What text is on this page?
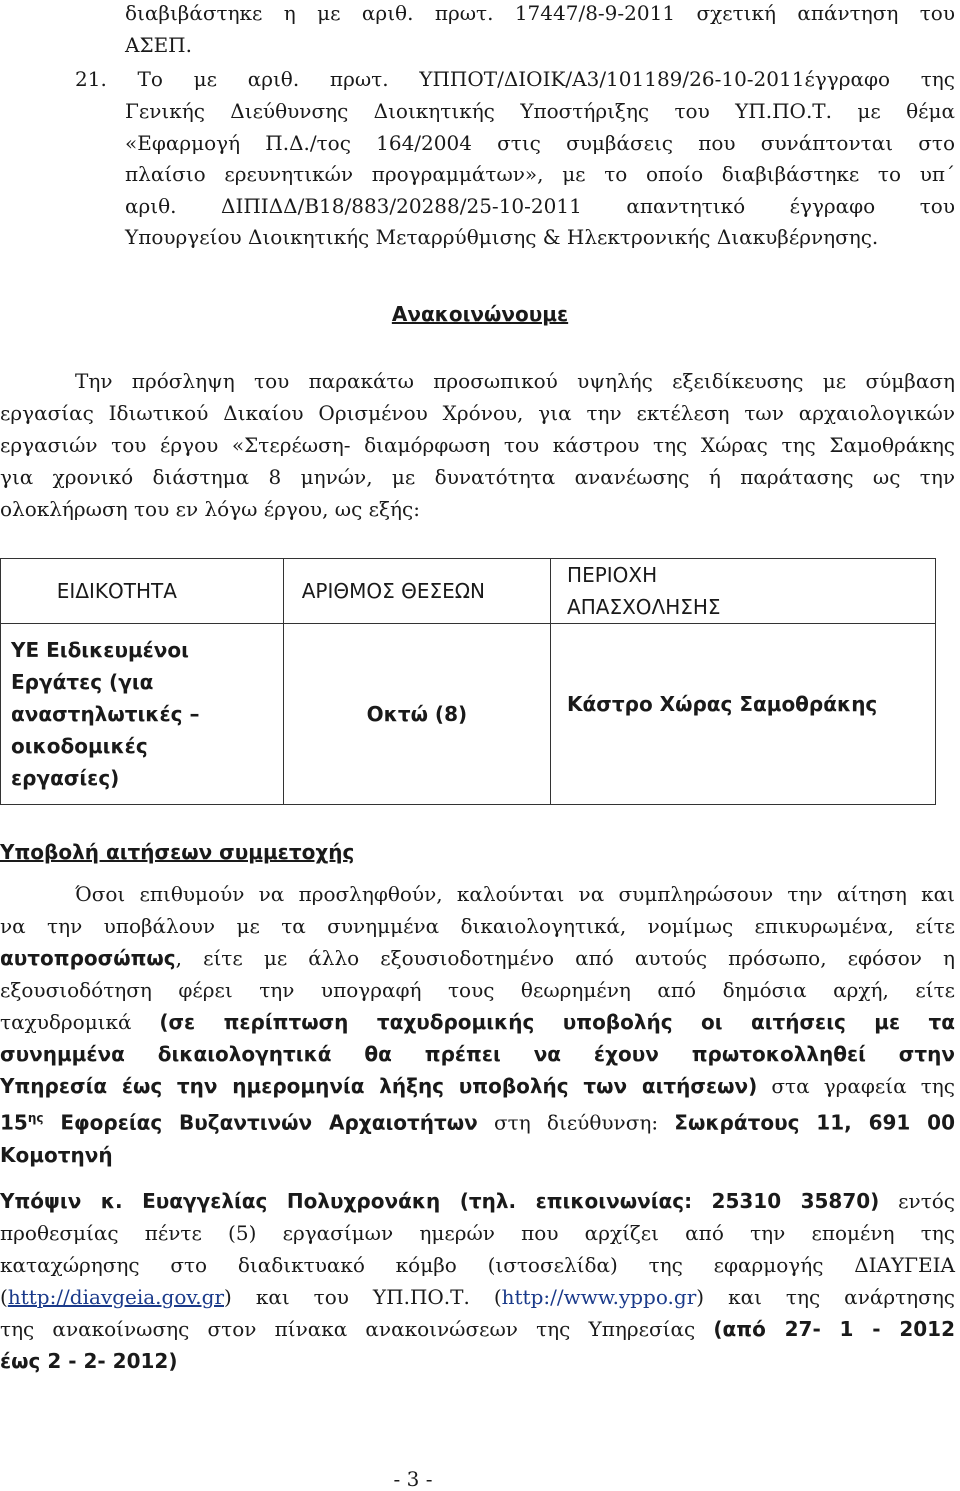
διαβιβάστηκε η με αριθ. πρωτ. 17447/8-9-2011 σχετική απάντηση του
ΑΣΕΠ.
21. Το με αριθ. πρωτ. ΥΠΠΟΤ/ΔΙΟΙΚ/Α3/101189/26-10-2011έγγραφο της
Γενικής Διεύθυνσης Διοικητικής Υποστήριξης του ΥΠ.ΠΟ.Τ. με θέμα
«Εφαρμογή Π.Δ./τος 164/2004 στις συμβάσεις που συνάπτονται στο
πλαίσιο ερευνητικών προγραμμάτων», με το οποίο διαβιβάστηκε το υπ΄
αριθ. ΔΙΠΙΔΔ/Β18/883/20288/25-10-2011 απαντητικό έγγραφο του
Υπουργείου Διοικητικής Μεταρρύθμισης & Ηλεκτρονικής Διακυβέρνησης.
Ανακοινώνουμε
Την πρόσληψη του παρακάτω προσωπικού υψηλής εξειδίκευσης με σύμβαση
εργασίας Ιδιωτικού Δικαίου Ορισμένου Χρόνου, για την εκτέλεση των αρχαιολογικών
εργασιών του έργου «Στερέωση- διαμόρφωση του κάστρου της Χώρας της Σαμοθράκης
για χρονικό διάστημα 8 μηνών, με δυνατότητα ανανέωσης ή παράτασης ως την
ολοκλήρωση του εν λόγω έργου, ως εξής:
ΕΙΔΙΚΟΤΗΤΑ	ΑΡΙΘΜΟΣ ΘΕΣΕΩΝ	ΠΕΡΙΟΧΗ ΑΠΑΣΧΟΛΗΣΗΣ
ΥΕ Ειδικευμένοι Εργάτες (για αναστηλωτικές – οικοδομικές εργασίες)	Οκτώ (8)	Κάστρο Χώρας Σαμοθράκης
Υποβολή αιτήσεων συμμετοχής
Όσοι επιθυμούν να προσληφθούν, καλούνται να συμπληρώσουν την αίτηση και
να την υποβάλουν με τα συνημμένα δικαιολογητικά, νομίμως επικυρωμένα, είτε
αυτοπροσώπως, είτε με άλλο εξουσιοδοτημένο από αυτούς πρόσωπο, εφόσον η
εξουσιοδότηση φέρει την υπογραφή τους θεωρημένη από δημόσια αρχή, είτε
ταχυδρομικά (σε περίπτωση ταχυδρομικής υποβολής οι αιτήσεις με τα
συνημμένα δικαιολογητικά θα πρέπει να έχουν πρωτοκολληθεί στην
Υπηρεσία έως την ημερομηνία λήξης υποβολής των αιτήσεων) στα γραφεία της
$15^{\eta\varsigma}$ Εφορείας Βυζαντινών Αρχαιοτήτων στη διεύθυνση: Σωκράτους 11, 691 00
Κομοτηνή
Υπόψιν κ. Ευαγγελίας Πολυχρονάκη (τηλ. επικοινωνίας: 25310 35870) εντός
προθεσμίας πέντε (5) εργασίμων ημερών που αρχίζει από την επομένη της
καταχώρησης στο διαδικτυακό κόμβο (ιστοσελίδα) της εφαρμογής ΔΙΑΥΓΕΙΑ
(http://diavgeia.gov.gr) και του ΥΠ.ΠΟ.Τ. (http://www.yppo.gr) και της ανάρτησης
της ανακοίνωσης στον πίνακα ανακοινώσεων της Υπηρεσίας (από 27- 1 - 2012
έως 2 - 2- 2012)
- 3 -
